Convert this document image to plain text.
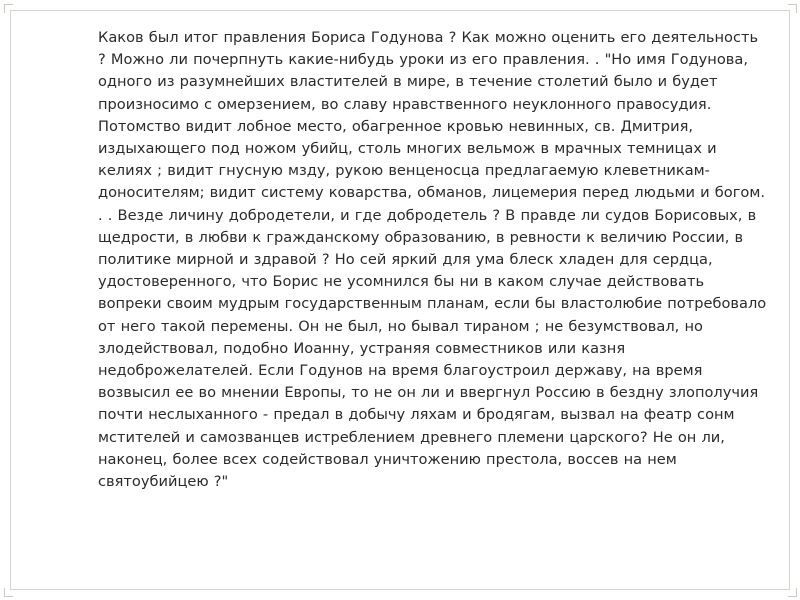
Каков был итог правления Бориса Годунова ? Как можно оценить его деятельность ? Можно ли почерпнуть какие-нибудь уроки из его правления. . "Но имя Годунова, одного из разумнейших властителей в мире, в течение столетий было и будет произносимо с омерзением, во славу нравственного неуклонного правосудия. Потомство видит лобное место, обагренное кровью невинных, св. Дмитрия, издыхающего под ножом убийц, столь многих вельмож в мрачных темницах и келиях ; видит гнусную мзду, рукою венценосца предлагаемую клеветникам-доносителям; видит систему коварства, обманов, лицемерия перед людьми и богом. . . Везде личину добродетели, и где добродетель ? В правде ли судов Борисовых, в щедрости, в любви к гражданскому образованию, в ревности к величию России, в политике мирной и здравой ? Но сей яркий для ума блеск хладен для сердца, удостоверенного, что Борис не усомнился бы ни в каком случае действовать вопреки своим мудрым государственным планам, если бы властолюбие потребовало от него такой перемены. Он не был, но бывал тираном ; не безумствовал, но злодействовал, подобно Иоанну, устраняя совместников или казня недоброжелателей. Если Годунов на время благоустроил державу, на время возвысил ее во мнении Европы, то не он ли и ввергнул Россию в бездну злополучия почти неслыханного - предал в добычу ляхам и бродягам, вызвал на феатр сонм мстителей и самозванцев истреблением древнего племени царского? Не он ли, наконец, более всех содействовал уничтожению престола, воссев на нем святоубийцею ?"
